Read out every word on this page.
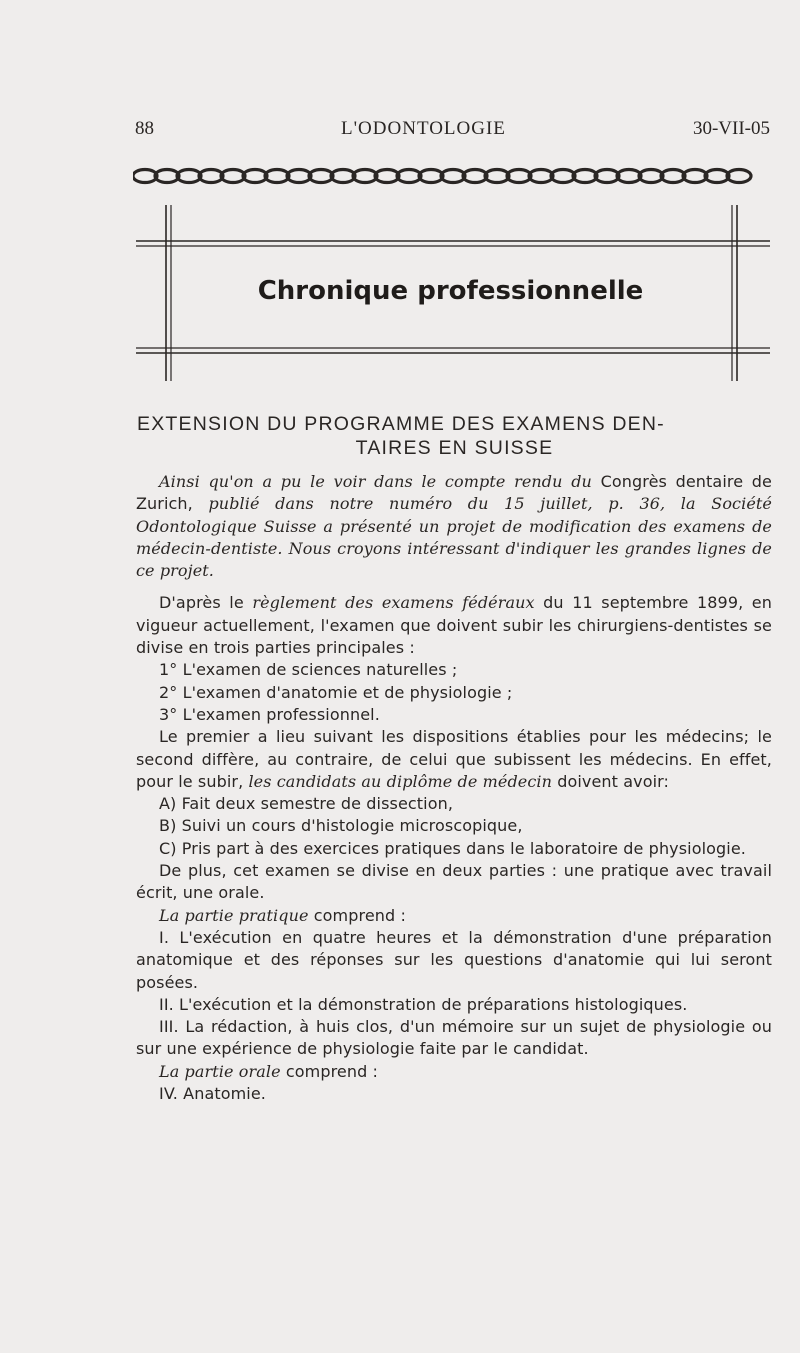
88	L'ODONTOLOGIE	30-VII-05
Chronique professionnelle
EXTENSION DU PROGRAMME DES EXAMENS DEN-
TAIRES EN SUISSE

Ainsi qu'on a pu le voir dans le compte rendu du Congrès dentaire de Zurich, publié dans notre numéro du 15 juillet, p. 36, la Société Odontologique Suisse a présenté un projet de modification des examens de médecin-dentiste. Nous croyons intéressant d'indiquer les grandes lignes de ce projet.

D'après le règlement des examens fédéraux du 11 septembre 1899, en vigueur actuellement, l'examen que doivent subir les chirurgiens-dentistes se divise en trois parties principales :

1° L'examen de sciences naturelles ;

2° L'examen d'anatomie et de physiologie ;

3° L'examen professionnel.

Le premier a lieu suivant les dispositions établies pour les médecins; le second diffère, au contraire, de celui que subissent les médecins. En effet, pour le subir, les candidats au diplôme de médecin doivent avoir:

A) Fait deux semestre de dissection,

B) Suivi un cours d'histologie microscopique,

C) Pris part à des exercices pratiques dans le laboratoire de physiologie.

De plus, cet examen se divise en deux parties : une pratique avec travail écrit, une orale.

La partie pratique comprend :

I. L'exécution en quatre heures et la démonstration d'une préparation anatomique et des réponses sur les questions d'anatomie qui lui seront posées.

II. L'exécution et la démonstration de préparations histologiques.

III. La rédaction, à huis clos, d'un mémoire sur un sujet de physiologie ou sur une expérience de physiologie faite par le candidat.

La partie orale comprend :

IV. Anatomie.
